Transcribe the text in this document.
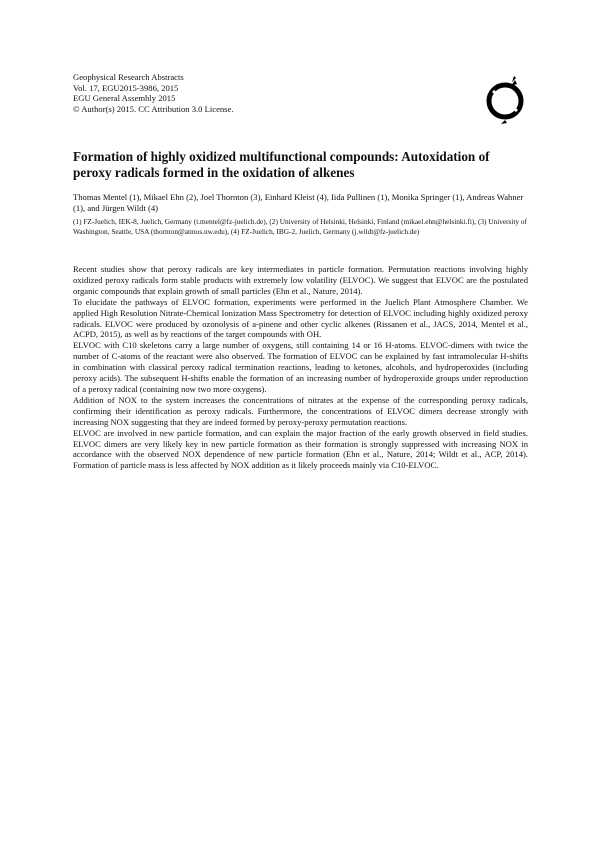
Geophysical Research Abstracts
Vol. 17, EGU2015-3986, 2015
EGU General Assembly 2015
© Author(s) 2015. CC Attribution 3.0 License.
Formation of highly oxidized multifunctional compounds: Autoxidation of peroxy radicals formed in the oxidation of alkenes
Thomas Mentel (1), Mikael Ehn (2), Joel Thornton (3), Einhard Kleist (4), Iida Pullinen (1), Monika Springer (1), Andreas Wahner (1), and Jürgen Wildt (4)
(1) FZ-Juelich, IEK-8, Juelich, Germany (t.mentel@fz-juelich.de), (2) University of Helsinki, Helsinki, Finland (mikael.ehn@helsinki.fi), (3) University of Washington, Seattle, USA (thornton@atmos.uw.edu), (4) FZ-Juelich, IBG-2, Juelich, Germany (j.wildt@fz-juelich.de)

Recent studies show that peroxy radicals are key intermediates in particle formation. Permutation reactions involving highly oxidized peroxy radicals form stable products with extremely low volatility (ELVOC). We suggest that ELVOC are the postulated organic compounds that explain growth of small particles (Ehn et al., Nature, 2014).

To elucidate the pathways of ELVOC formation, experiments were performed in the Juelich Plant Atmosphere Chamber. We applied High Resolution Nitrate-Chemical Ionization Mass Spectrometry for detection of ELVOC including highly oxidized peroxy radicals. ELVOC were produced by ozonolysis of a-pinene and other cyclic alkenes (Rissanen et al., JACS, 2014, Mentel et al., ACPD, 2015), as well as by reactions of the target compounds with OH.

ELVOC with C10 skeletons carry a large number of oxygens, still containing 14 or 16 H-atoms. ELVOC-dimers with twice the number of C-atoms of the reactant were also observed. The formation of ELVOC can be explained by fast intramolecular H-shifts in combination with classical peroxy radical termination reactions, leading to ketones, alcohols, and hydroperoxides (including peroxy acids). The subsequent H-shifts enable the formation of an increasing number of hydroperoxide groups under reproduction of a peroxy radical (containing now two more oxygens).

Addition of NOX to the system increases the concentrations of nitrates at the expense of the corresponding peroxy radicals, confirming their identification as peroxy radicals. Furthermore, the concentrations of ELVOC dimers decrease strongly with increasing NOX suggesting that they are indeed formed by peroxy-peroxy permutation reactions.

ELVOC are involved in new particle formation, and can explain the major fraction of the early growth observed in field studies. ELVOC dimers are very likely key in new particle formation as their formation is strongly suppressed with increasing NOX in accordance with the observed NOX dependence of new particle formation (Ehn et al., Nature, 2014; Wildt et al., ACP, 2014). Formation of particle mass is less affected by NOX addition as it likely proceeds mainly via C10-ELVOC.
